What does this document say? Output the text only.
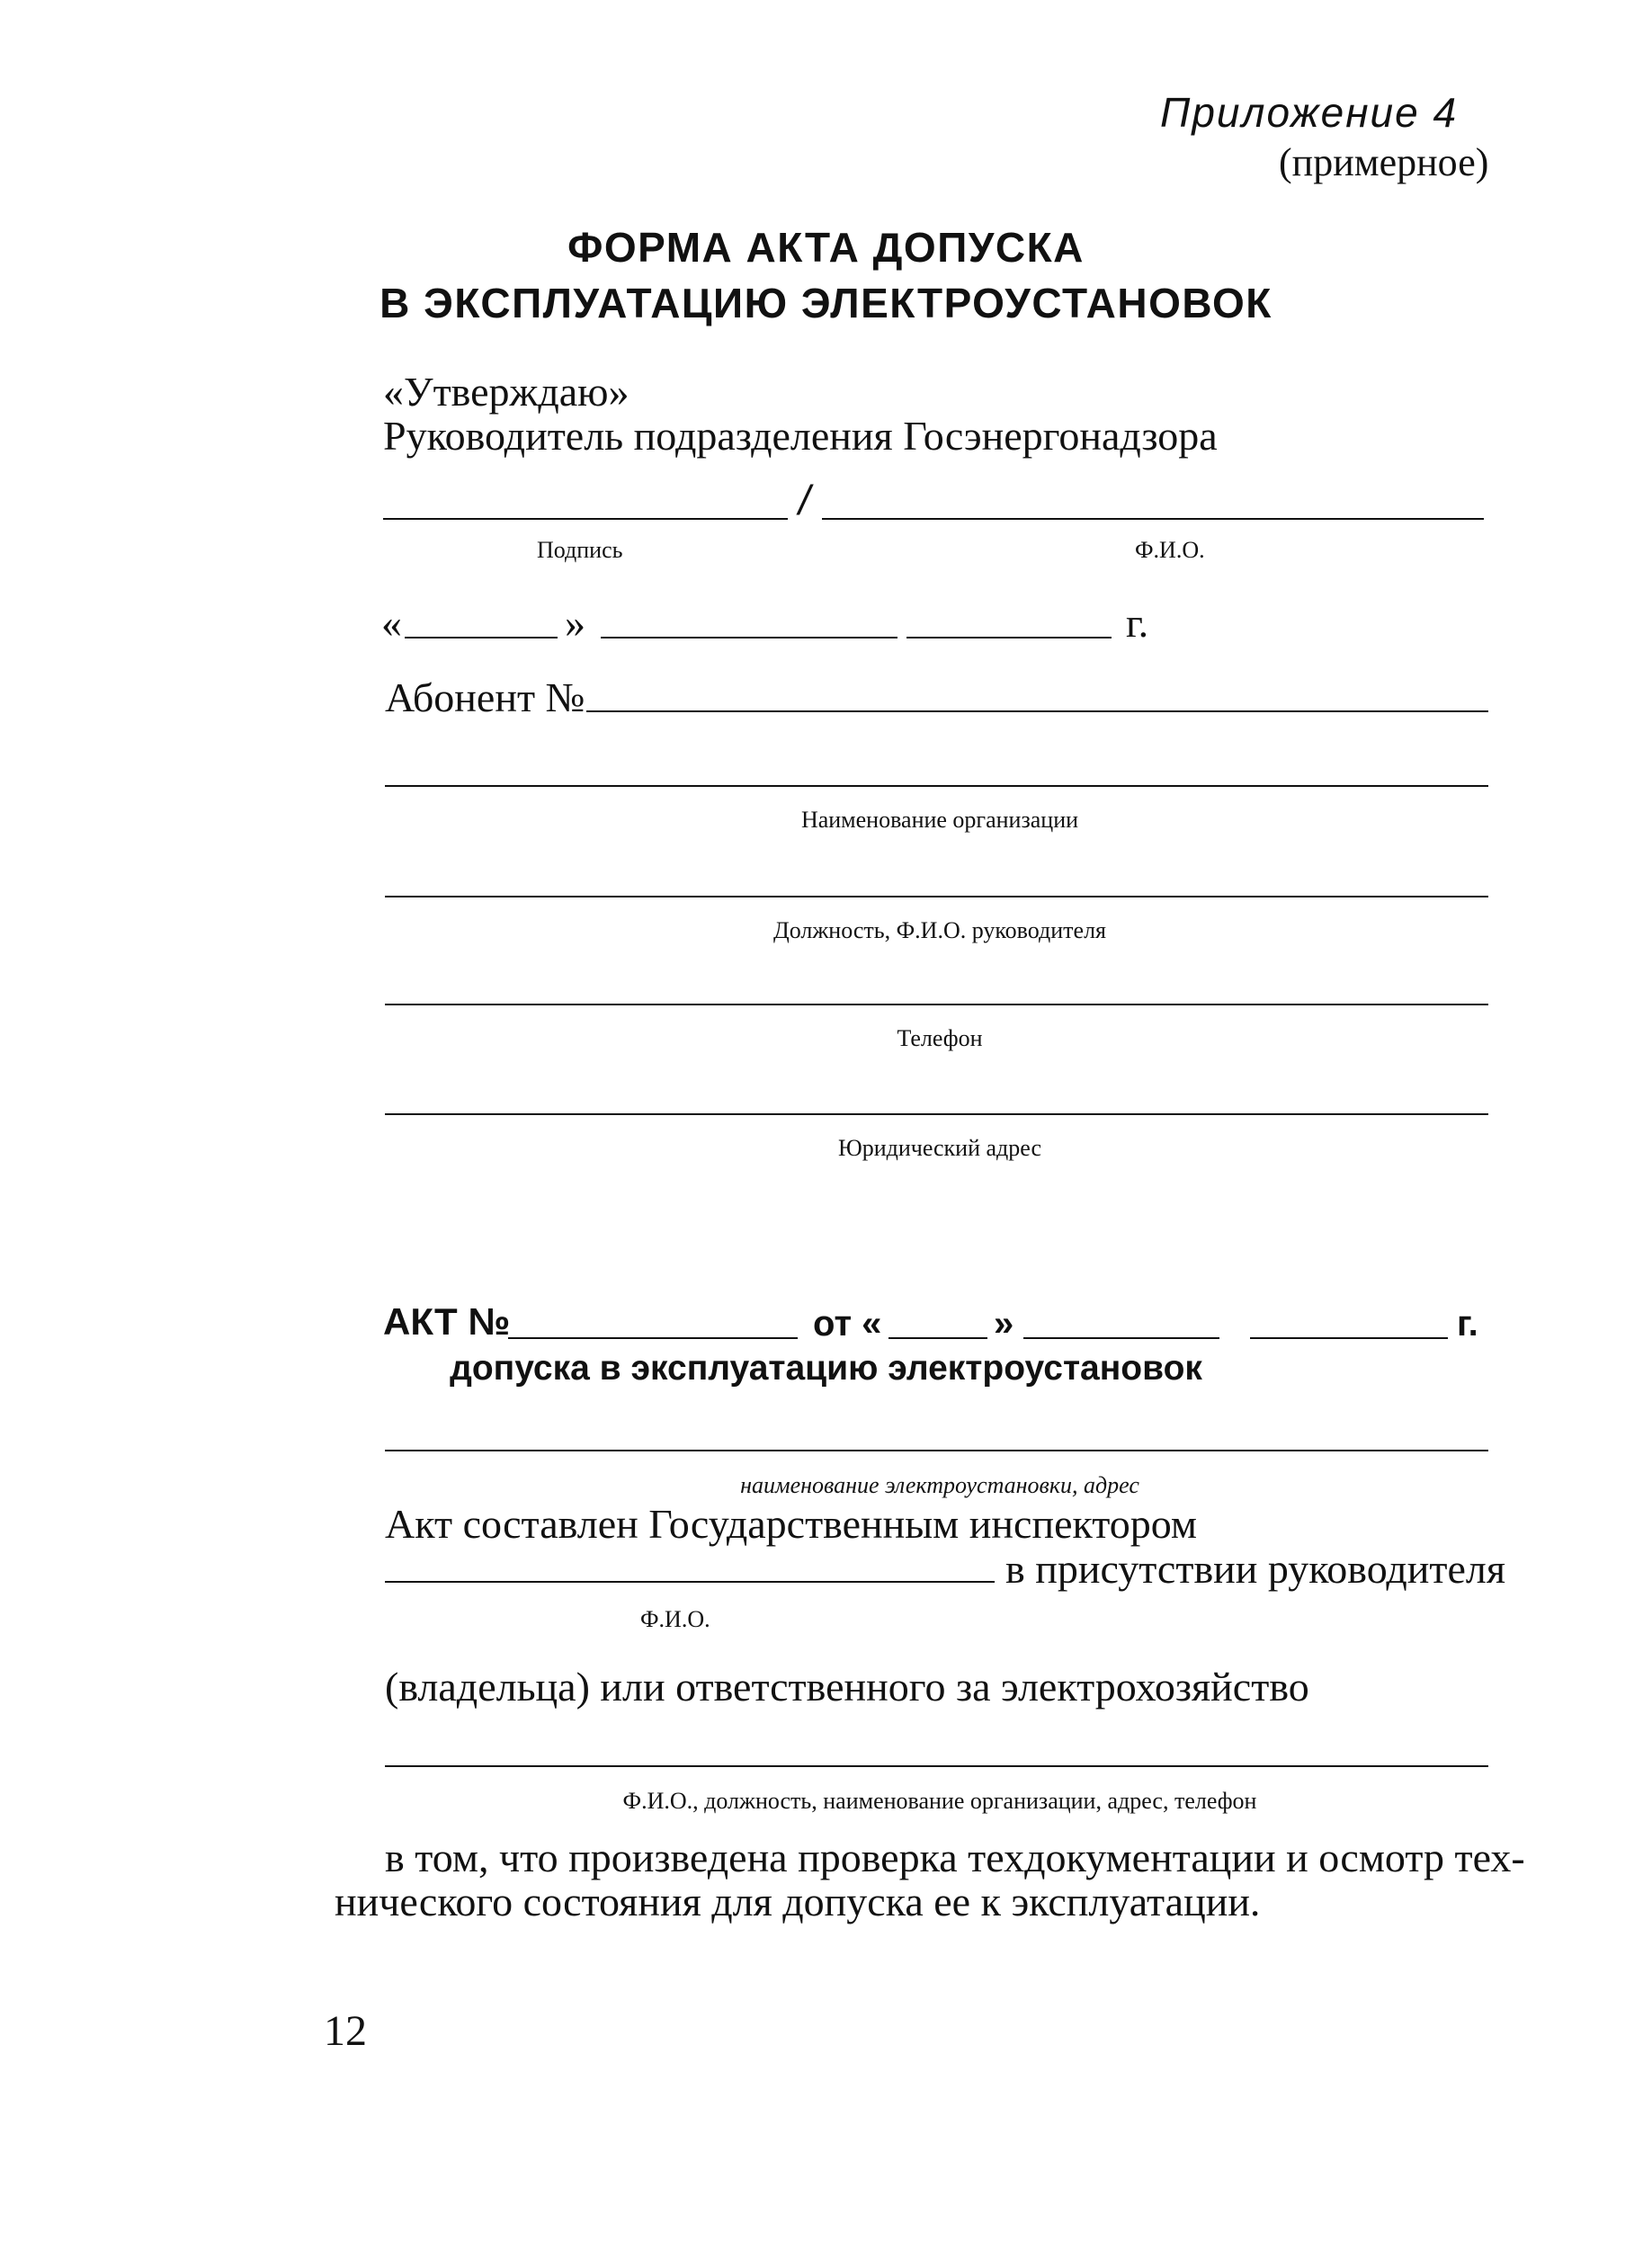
Приложение 4
(примерное)
ФОРМА АКТА ДОПУСКА
В ЭКСПЛУАТАЦИЮ ЭЛЕКТРОУСТАНОВОК
«Утверждаю»
Руководитель подразделения Госэнергонадзора
/
Подпись	Ф.И.О.
«	»	г.
Абонент №
Наименование организации
Должность, Ф.И.О. руководителя
Телефон
Юридический адрес
АКТ №	от «	»	г.
допуска в эксплуатацию электроустановок
наименование электроустановки, адрес
Акт составлен Государственным инспектором
в присутствии руководителя
Ф.И.О.
(владельца) или ответственного за электрохозяйство
Ф.И.О., должность, наименование организации, адрес, телефон
в том, что произведена проверка техдокументации и осмотр тех-
нического состояния для допуска ее к эксплуатации.
12
